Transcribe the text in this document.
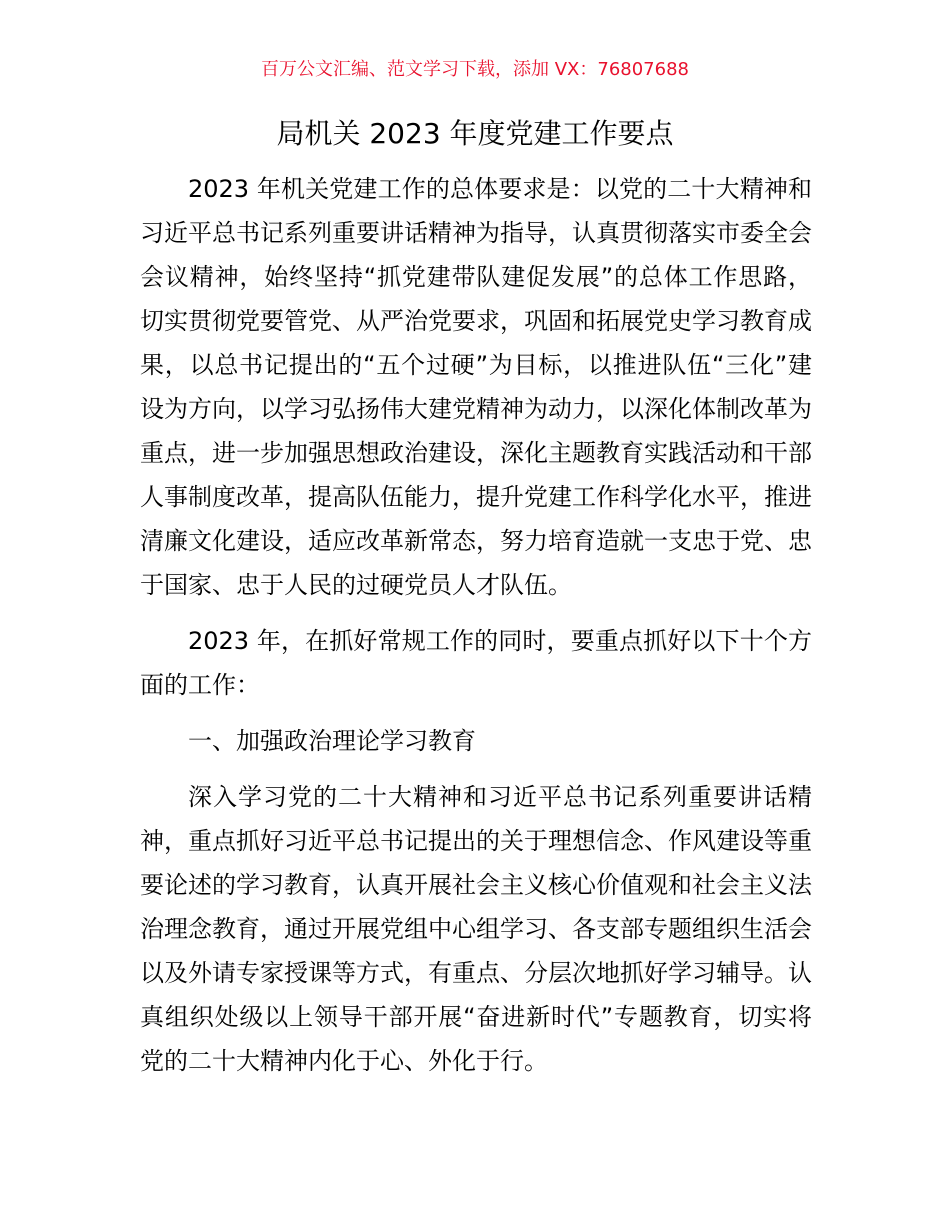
百万公文汇编、范文学习下载，添加 VX：76807688
局机关 2023 年度党建工作要点

2023 年机关党建工作的总体要求是：以党的二十大精神和习近平总书记系列重要讲话精神为指导，认真贯彻落实市委全会会议精神，始终坚持“抓党建带队建促发展”的总体工作思路，切实贯彻党要管党、从严治党要求，巩固和拓展党史学习教育成果，以总书记提出的“五个过硬”为目标，以推进队伍“三化”建设为方向，以学习弘扬伟大建党精神为动力，以深化体制改革为重点，进一步加强思想政治建设，深化主题教育实践活动和干部人事制度改革，提高队伍能力，提升党建工作科学化水平，推进清廉文化建设，适应改革新常态，努力培育造就一支忠于党、忠于国家、忠于人民的过硬党员人才队伍。

2023 年，在抓好常规工作的同时，要重点抓好以下十个方面的工作：

一、加强政治理论学习教育

深入学习党的二十大精神和习近平总书记系列重要讲话精神，重点抓好习近平总书记提出的关于理想信念、作风建设等重要论述的学习教育，认真开展社会主义核心价值观和社会主义法治理念教育，通过开展党组中心组学习、各支部专题组织生活会以及外请专家授课等方式，有重点、分层次地抓好学习辅导。认真组织处级以上领导干部开展“奋进新时代”专题教育，切实将党的二十大精神内化于心、外化于行。
